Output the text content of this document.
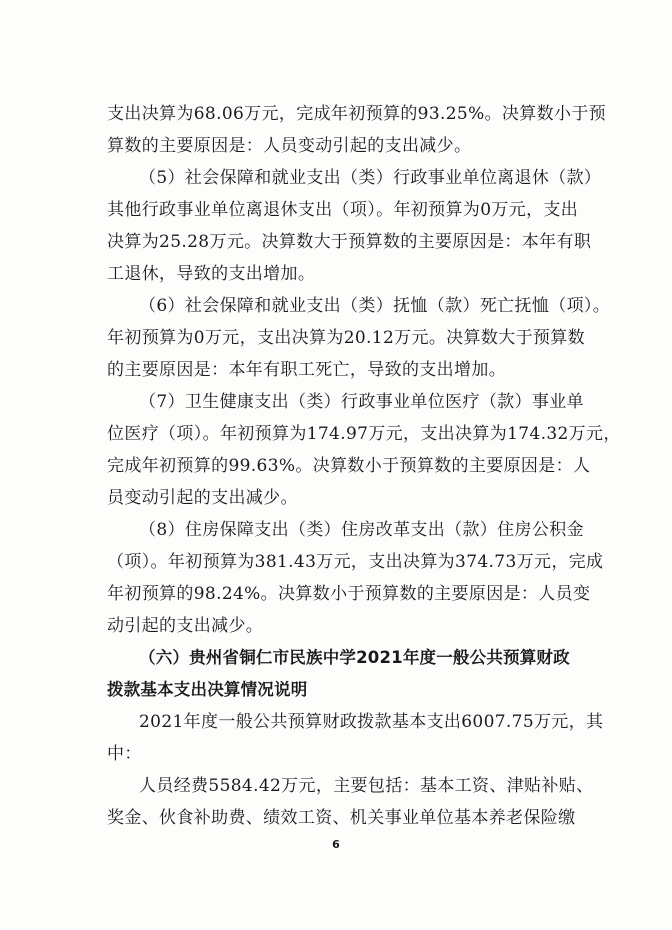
支出决算为68.06万元，完成年初预算的93.25%。决算数小于预
算数的主要原因是：人员变动引起的支出减少。
（5）社会保障和就业支出（类）行政事业单位离退休（款）
其他行政事业单位离退休支出（项）。年初预算为0万元，支出
决算为25.28万元。决算数大于预算数的主要原因是：本年有职
工退休，导致的支出增加。
（6）社会保障和就业支出（类）抚恤（款）死亡抚恤（项）。
年初预算为0万元，支出决算为20.12万元。决算数大于预算数
的主要原因是：本年有职工死亡，导致的支出增加。
（7）卫生健康支出（类）行政事业单位医疗（款）事业单
位医疗（项）。年初预算为174.97万元，支出决算为174.32万元，
完成年初预算的99.63%。决算数小于预算数的主要原因是：人
员变动引起的支出减少。
（8）住房保障支出（类）住房改革支出（款）住房公积金
（项）。年初预算为381.43万元，支出决算为374.73万元，完成
年初预算的98.24%。决算数小于预算数的主要原因是：人员变
动引起的支出减少。
（六）贵州省铜仁市民族中学2021年度一般公共预算财政
拨款基本支出决算情况说明
2021年度一般公共预算财政拨款基本支出6007.75万元，其
中：
人员经费5584.42万元，主要包括：基本工资、津贴补贴、
奖金、伙食补助费、绩效工资、机关事业单位基本养老保险缴
6
